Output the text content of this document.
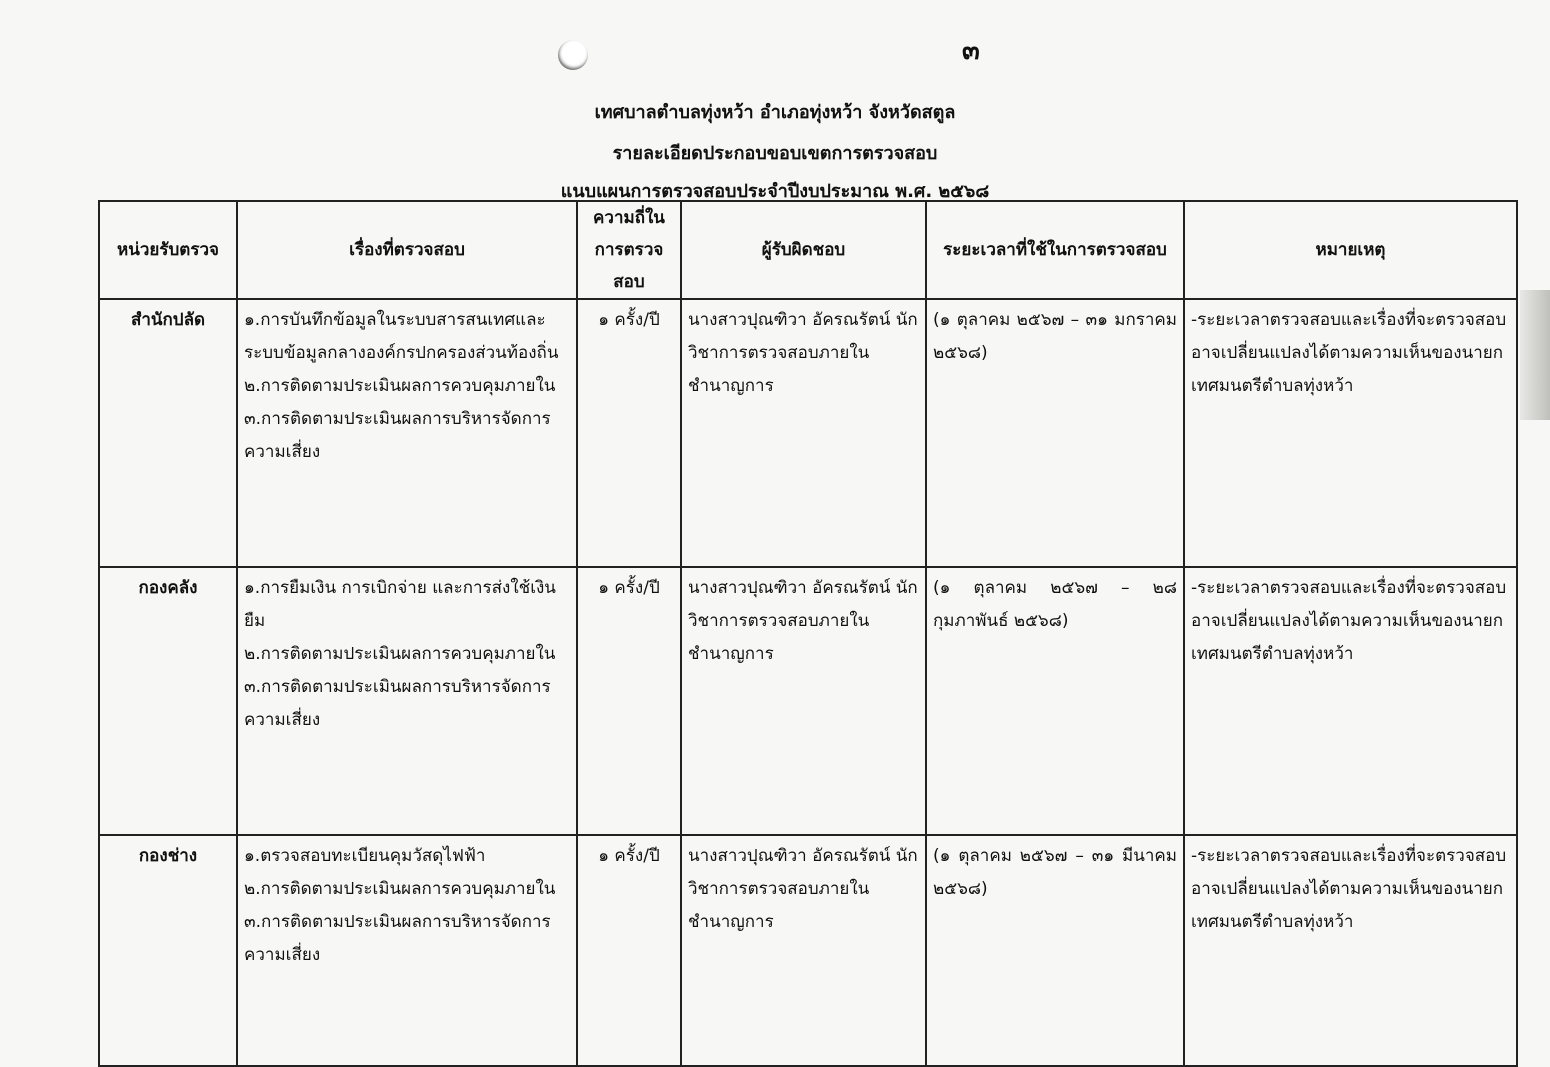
๓
เทศบาลตำบลทุ่งหว้า อำเภอทุ่งหว้า จังหวัดสตูล
รายละเอียดประกอบขอบเขตการตรวจสอบ
แนบแผนการตรวจสอบประจำปีงบประมาณ พ.ศ. ๒๕๖๘
หน่วยรับตรวจ	เรื่องที่ตรวจสอบ	ความถี่ในการตรวจสอบ	ผู้รับผิดชอบ	ระยะเวลาที่ใช้ในการตรวจสอบ	หมายเหตุ
สำนักปลัด	๑.การบันทึกข้อมูลในระบบสารสนเทศและระบบข้อมูลกลางองค์กรปกครองส่วนท้องถิ่น
๒.การติดตามประเมินผลการควบคุมภายใน
๓.การติดตามประเมินผลการบริหารจัดการความเสี่ยง	๑ ครั้ง/ปี	นางสาวปุณฑิวา อัครณรัตน์ นักวิชาการตรวจสอบภายในชำนาญการ	(๑ ตุลาคม ๒๕๖๗ – ๓๑ มกราคม ๒๕๖๘)	-ระยะเวลาตรวจสอบและเรื่องที่จะตรวจสอบ อาจเปลี่ยนแปลงได้ตามความเห็นของนายกเทศมนตรีตำบลทุ่งหว้า
กองคลัง	๑.การยืมเงิน การเบิกจ่าย และการส่งใช้เงินยืม
๒.การติดตามประเมินผลการควบคุมภายใน
๓.การติดตามประเมินผลการบริหารจัดการความเสี่ยง	๑ ครั้ง/ปี	นางสาวปุณฑิวา อัครณรัตน์ นักวิชาการตรวจสอบภายในชำนาญการ	(๑ ตุลาคม ๒๕๖๗ – ๒๘ กุมภาพันธ์ ๒๕๖๘)	-ระยะเวลาตรวจสอบและเรื่องที่จะตรวจสอบ อาจเปลี่ยนแปลงได้ตามความเห็นของนายกเทศมนตรีตำบลทุ่งหว้า
กองช่าง	๑.ตรวจสอบทะเบียนคุมวัสดุไฟฟ้า
๒.การติดตามประเมินผลการควบคุมภายใน
๓.การติดตามประเมินผลการบริหารจัดการความเสี่ยง	๑ ครั้ง/ปี	นางสาวปุณฑิวา อัครณรัตน์ นักวิชาการตรวจสอบภายในชำนาญการ	(๑ ตุลาคม ๒๕๖๗ – ๓๑ มีนาคม ๒๕๖๘)	-ระยะเวลาตรวจสอบและเรื่องที่จะตรวจสอบ อาจเปลี่ยนแปลงได้ตามความเห็นของนายกเทศมนตรีตำบลทุ่งหว้า
